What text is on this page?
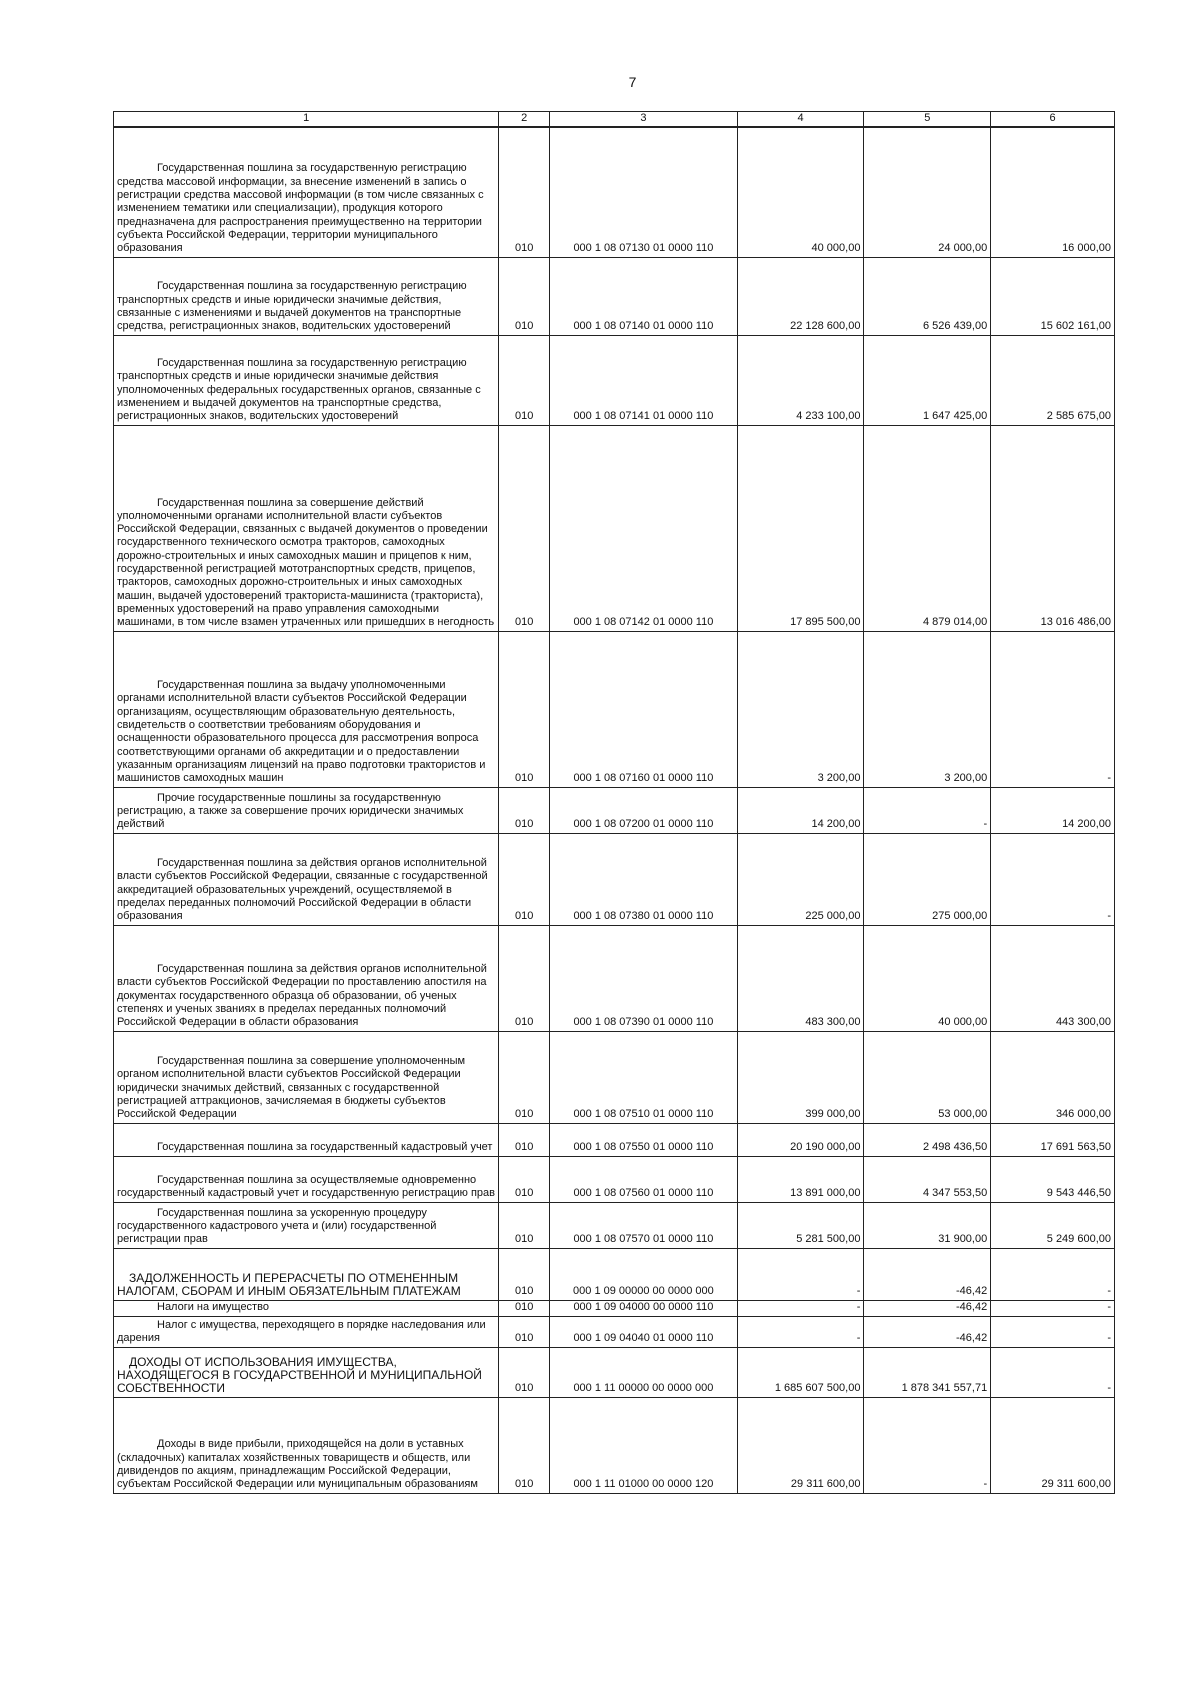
7
1	2	3	4	5	6

Государственная пошлина за государственную регистрацию средства массовой информации, за внесение изменений в запись о регистрации средства массовой информации (в том числе связанных с изменением тематики или специализации), продукция которого предназначена для распространения преимущественно на территории субъекта Российской Федерации, территории муниципального образования	010	000 1 08 07130 01 0000 110	40 000,00	24 000,00	16 000,00

Государственная пошлина за государственную регистрацию транспортных средств и иные юридически значимые действия, связанные с изменениями и выдачей документов на транспортные средства, регистрационных знаков, водительских удостоверений	010	000 1 08 07140 01 0000 110	22 128 600,00	6 526 439,00	15 602 161,00

Государственная пошлина за государственную регистрацию транспортных средств и иные юридически значимые действия уполномоченных федеральных государственных органов, связанные с изменением и выдачей документов на транспортные средства, регистрационных знаков, водительских удостоверений	010	000 1 08 07141 01 0000 110	4 233 100,00	1 647 425,00	2 585 675,00

Государственная пошлина за совершение действий уполномоченными органами исполнительной власти субъектов Российской Федерации, связанных с выдачей документов о проведении государственного технического осмотра тракторов, самоходных дорожно-строительных и иных самоходных машин и прицепов к ним, государственной регистрацией мототранспортных средств, прицепов, тракторов, самоходных дорожно-строительных и иных самоходных машин, выдачей удостоверений тракториста-машиниста (тракториста), временных удостоверений на право управления самоходными машинами, в том числе взамен утраченных или пришедших в негодность	010	000 1 08 07142 01 0000 110	17 895 500,00	4 879 014,00	13 016 486,00

Государственная пошлина за выдачу уполномоченными органами исполнительной власти субъектов Российской Федерации организациям, осуществляющим образовательную деятельность, свидетельств о соответствии требованиям оборудования и оснащенности образовательного процесса для рассмотрения вопроса соответствующими органами об аккредитации и о предоставлении указанным организациям лицензий на право подготовки трактористов и машинистов самоходных машин	010	000 1 08 07160 01 0000 110	3 200,00	3 200,00	-

Прочие государственные пошлины за государственную регистрацию, а также за совершение прочих юридически значимых действий	010	000 1 08 07200 01 0000 110	14 200,00	-	14 200,00

Государственная пошлина за действия органов исполнительной власти субъектов Российской Федерации, связанные с государственной аккредитацией образовательных учреждений, осуществляемой в пределах переданных полномочий Российской Федерации в области образования	010	000 1 08 07380 01 0000 110	225 000,00	275 000,00	-

Государственная пошлина за действия органов исполнительной власти субъектов Российской Федерации по проставлению апостиля на документах государственного образца об образовании, об ученых степенях и ученых званиях в пределах переданных полномочий Российской Федерации в области образования	010	000 1 08 07390 01 0000 110	483 300,00	40 000,00	443 300,00

Государственная пошлина за совершение уполномоченным органом исполнительной власти субъектов Российской Федерации юридически значимых действий, связанных с государственной регистрацией аттракционов, зачисляемая в бюджеты субъектов Российской Федерации	010	000 1 08 07510 01 0000 110	399 000,00	53 000,00	346 000,00

Государственная пошлина за государственный кадастровый учет	010	000 1 08 07550 01 0000 110	20 190 000,00	2 498 436,50	17 691 563,50

Государственная пошлина за осуществляемые одновременно государственный кадастровый учет и государственную регистрацию прав	010	000 1 08 07560 01 0000 110	13 891 000,00	4 347 553,50	9 543 446,50

Государственная пошлина за ускоренную процедуру государственного кадастрового учета и (или) государственной регистрации прав	010	000 1 08 07570 01 0000 110	5 281 500,00	31 900,00	5 249 600,00

ЗАДОЛЖЕННОСТЬ И ПЕРЕРАСЧЕТЫ ПО ОТМЕНЕННЫМ НАЛОГАМ, СБОРАМ И ИНЫМ ОБЯЗАТЕЛЬНЫМ ПЛАТЕЖАМ	010	000 1 09 00000 00 0000 000	-	-46,42	-

Налоги на имущество	010	000 1 09 04000 00 0000 110	-	-46,42	-

Налог с имущества, переходящего в порядке наследования или дарения	010	000 1 09 04040 01 0000 110	-	-46,42	-

ДОХОДЫ ОТ ИСПОЛЬЗОВАНИЯ ИМУЩЕСТВА, НАХОДЯЩЕГОСЯ В ГОСУДАРСТВЕННОЙ И МУНИЦИПАЛЬНОЙ СОБСТВЕННОСТИ	010	000 1 11 00000 00 0000 000	1 685 607 500,00	1 878 341 557,71	-

Доходы в виде прибыли, приходящейся на доли в уставных (складочных) капиталах хозяйственных товариществ и обществ, или дивидендов по акциям, принадлежащим Российской Федерации, субъектам Российской Федерации или муниципальным образованиям	010	000 1 11 01000 00 0000 120	29 311 600,00	-	29 311 600,00
